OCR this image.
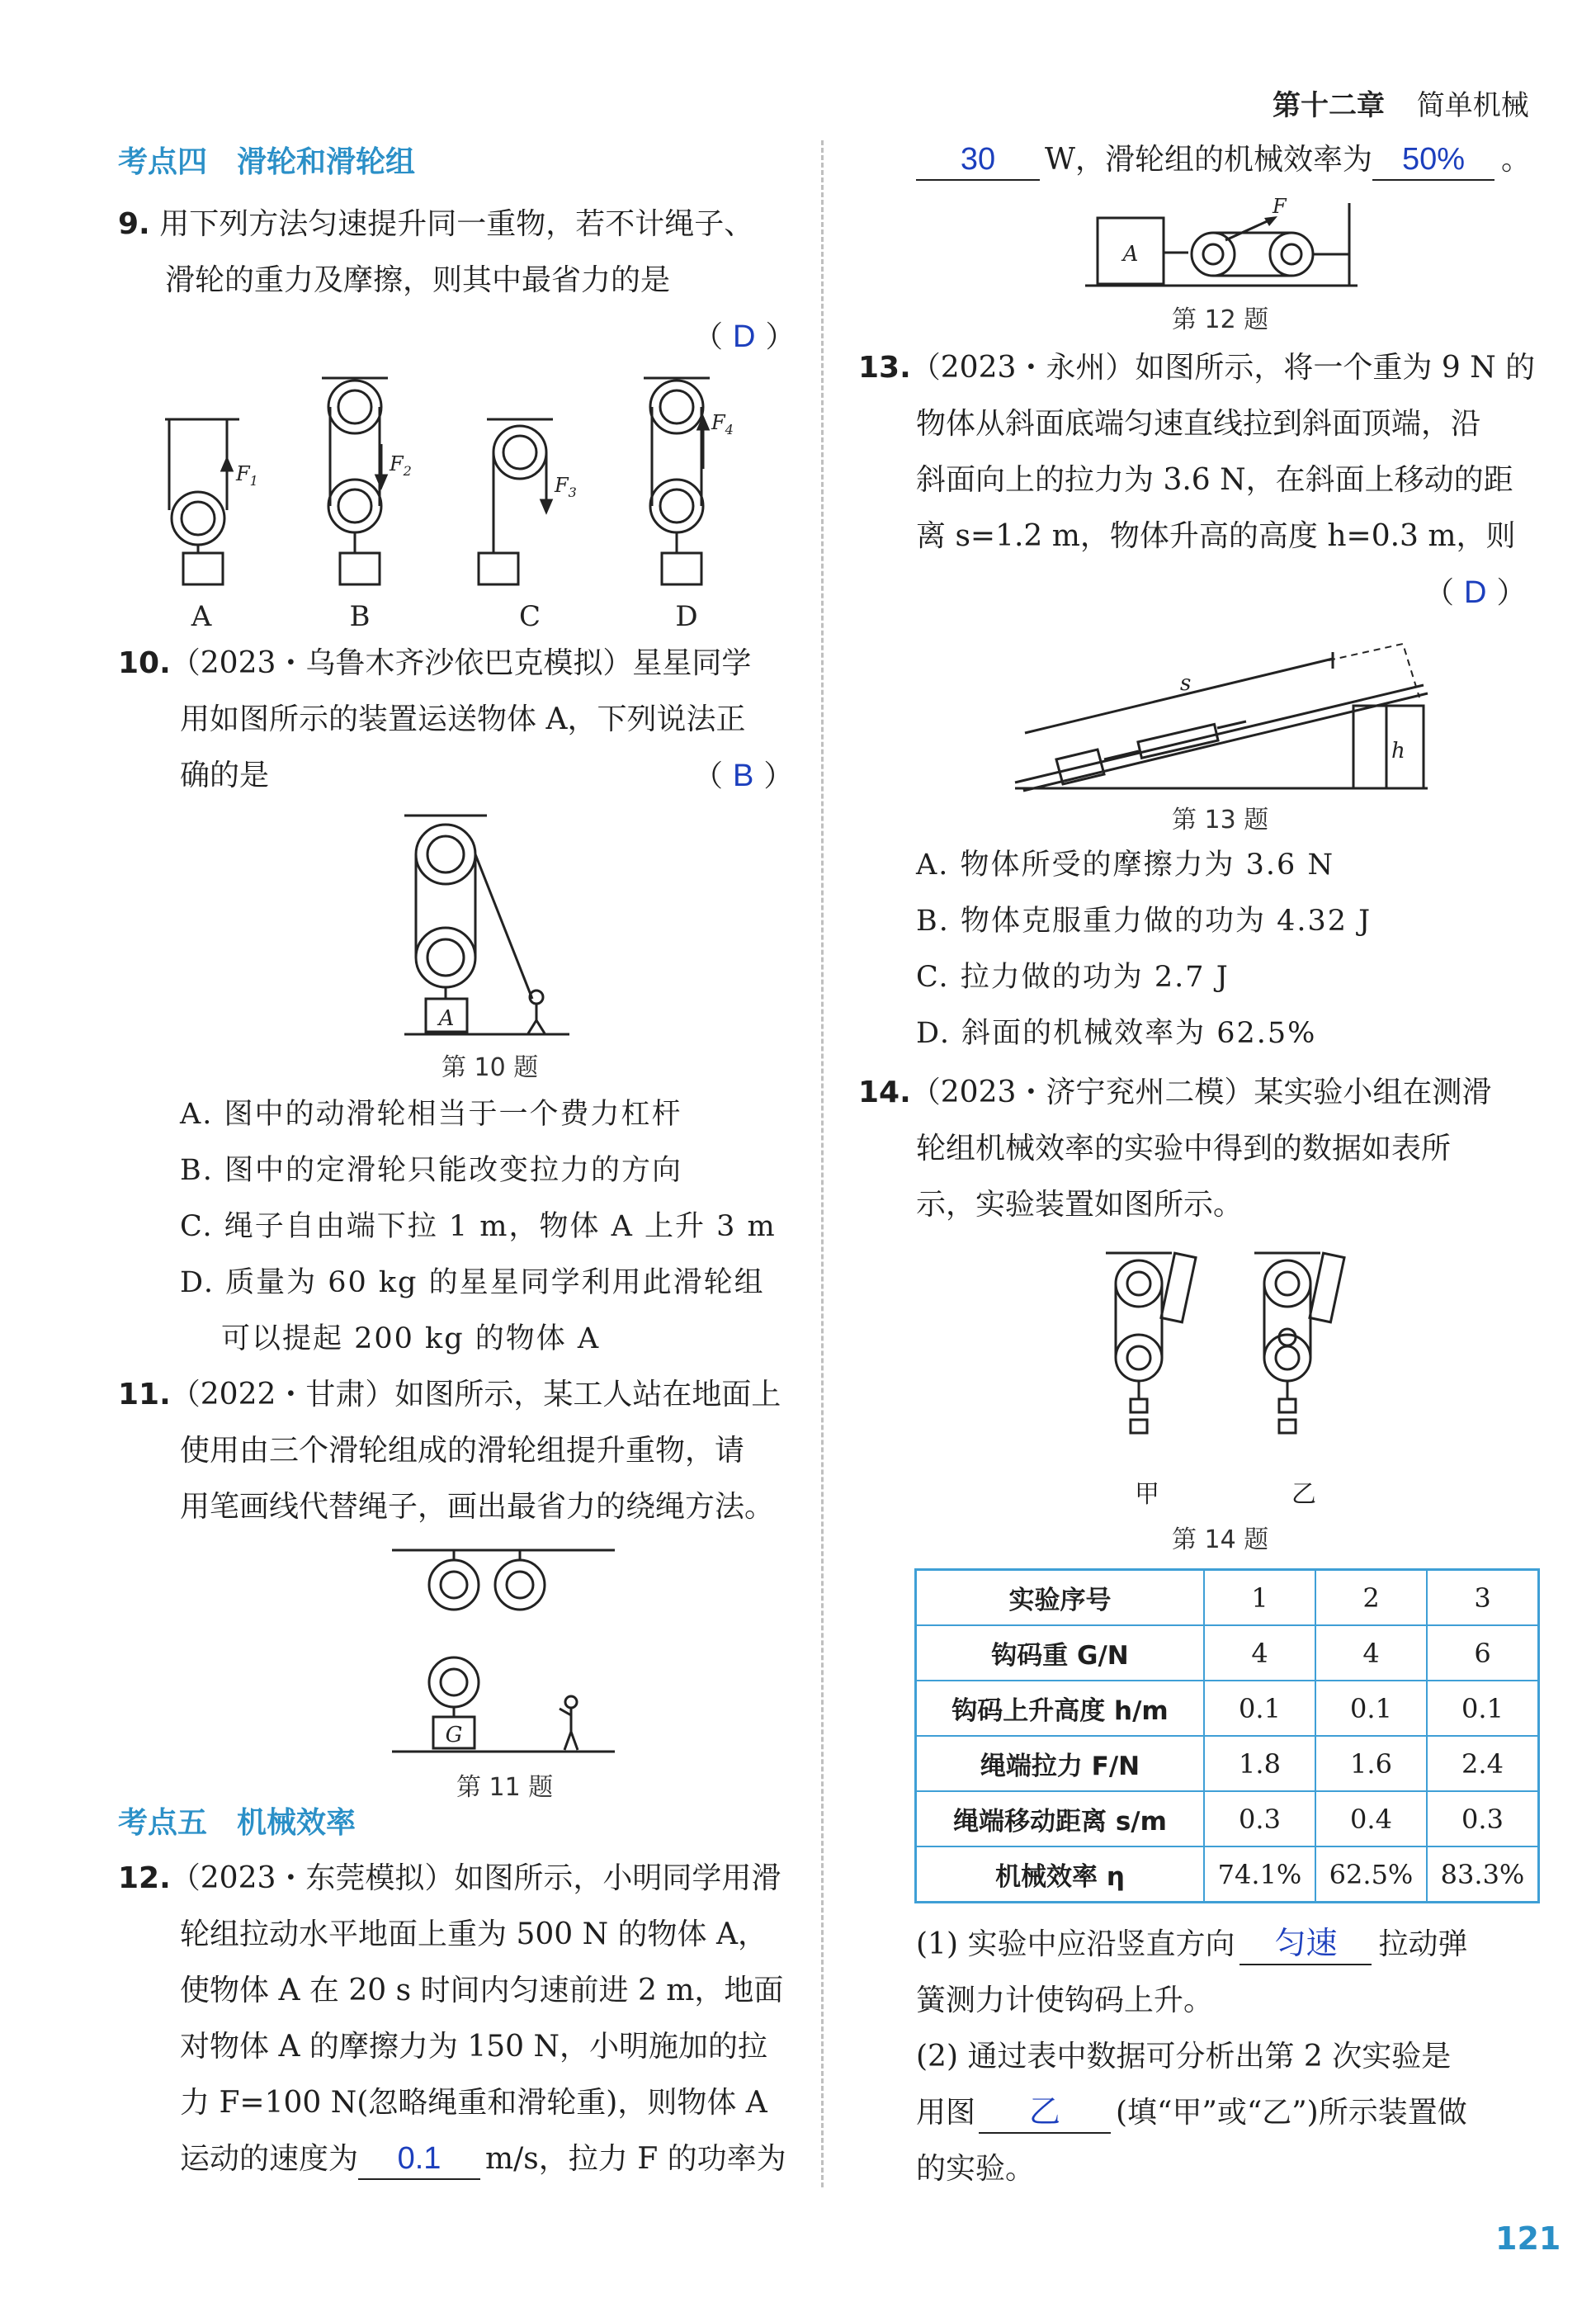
第十二章 简单机械
考点四　滑轮和滑轮组
9. 用下列方法匀速提升同一重物，若不计绳子、
滑轮的重力及摩擦，则其中最省力的是
（ D ）
$F_1$
$F_2$
$F_3$
$F_4$
A	B	C	D
10.（2023・乌鲁木齐沙依巴克模拟）星星同学
用如图所示的装置运送物体 A，下列说法正
确的是	（ B ）
A
第 10 题
A. 图中的动滑轮相当于一个费力杠杆
B. 图中的定滑轮只能改变拉力的方向
C. 绳子自由端下拉 1 m，物体 A 上升 3 m
D. 质量为 60 kg 的星星同学利用此滑轮组
可以提起 200 kg 的物体 A
11.（2022・甘肃）如图所示，某工人站在地面上
使用由三个滑轮组成的滑轮组提升重物，请
用笔画线代替绳子，画出最省力的绕绳方法。
G
第 11 题
考点五　机械效率
12.（2023・东莞模拟）如图所示，小明同学用滑
轮组拉动水平地面上重为 500 N 的物体 A，
使物体 A 在 20 s 时间内匀速前进 2 m，地面
对物体 A 的摩擦力为 150 N，小明施加的拉
力 F=100 N(忽略绳重和滑轮重)，则物体 A
运动的速度为 0.1 m/s，拉力 F 的功率为
30 W，滑轮组的机械效率为 50% 。
A
F
第 12 题
13.（2023・永州）如图所示，将一个重为 9 N 的
物体从斜面底端匀速直线拉到斜面顶端，沿
斜面向上的拉力为 3.6 N，在斜面上移动的距
离 s=1.2 m，物体升高的高度 h=0.3 m，则
（ D ）
s
h
第 13 题
A. 物体所受的摩擦力为 3.6 N
B. 物体克服重力做的功为 4.32 J
C. 拉力做的功为 2.7 J
D. 斜面的机械效率为 62.5%
14.（2023・济宁兖州二模）某实验小组在测滑
轮组机械效率的实验中得到的数据如表所
示，实验装置如图所示。
甲	乙
第 14 题
实验序号	1	2	3
钩码重 G/N	4	4	6
钩码上升高度 h/m	0.1	0.1	0.1
绳端拉力 F/N	1.8	1.6	2.4
绳端移动距离 s/m	0.3	0.4	0.3
机械效率 η	74.1%	62.5%	83.3%
(1) 实验中应沿竖直方向 匀速 拉动弹
簧测力计使钩码上升。
(2) 通过表中数据可分析出第 2 次实验是
用图 乙 (填“甲”或“乙”)所示装置做
的实验。
121
